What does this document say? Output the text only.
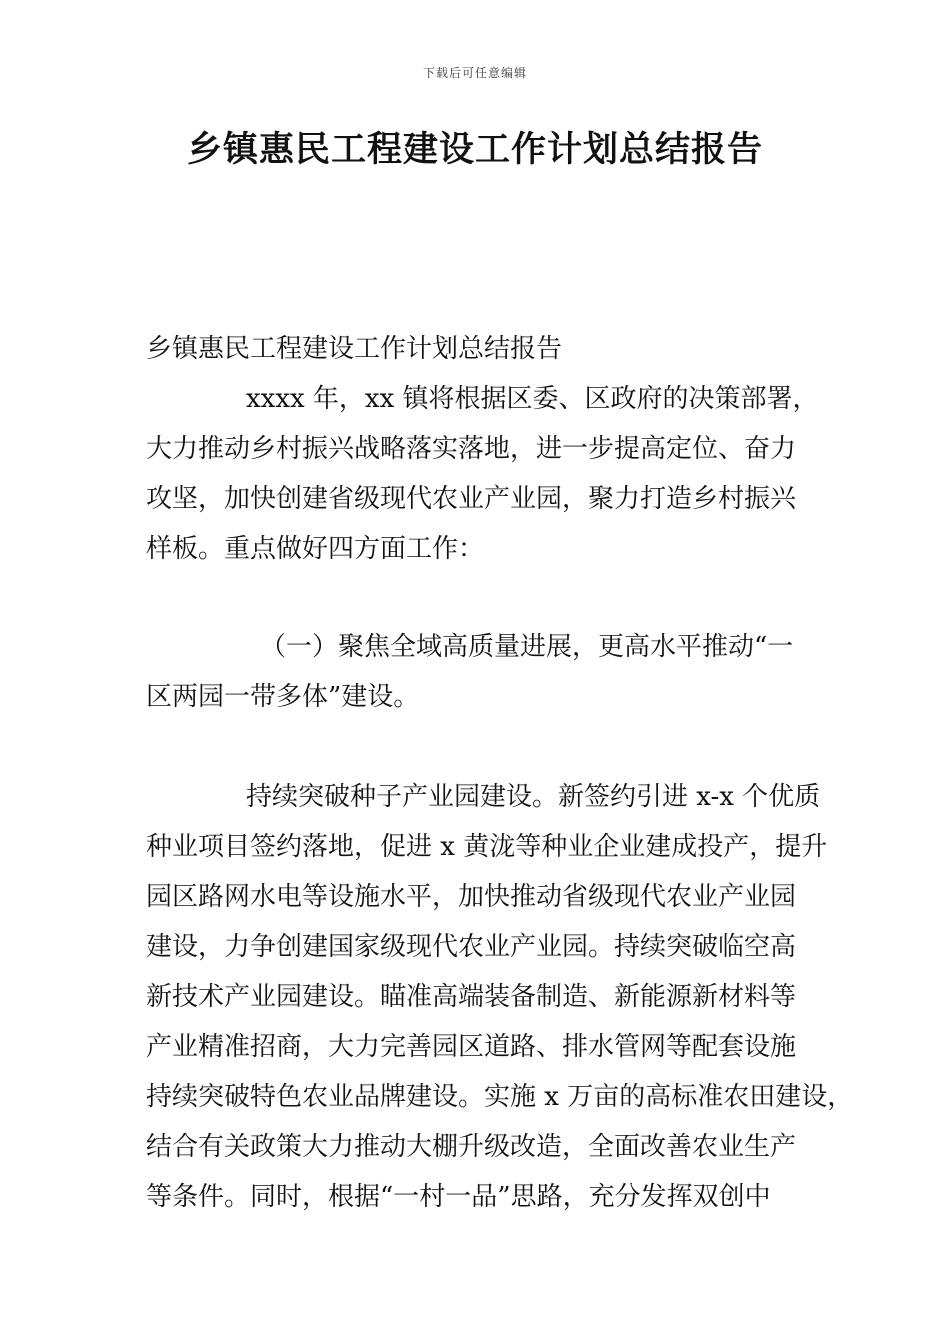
下载后可任意编辑
乡镇惠民工程建设工作计划总结报告
乡镇惠民工程建设工作计划总结报告
xxxx 年，xx 镇将根据区委、区政府的决策部署，
大力推动乡村振兴战略落实落地，进一步提高定位、奋力
攻坚，加快创建省级现代农业产业园，聚力打造乡村振兴
样板。重点做好四方面工作：
（一）聚焦全域高质量进展，更高水平推动“一
区两园一带多体”建设。
持续突破种子产业园建设。新签约引进 x-x 个优质
种业项目签约落地，促进 x 黄泷等种业企业建成投产，提升
园区路网水电等设施水平，加快推动省级现代农业产业园
建设，力争创建国家级现代农业产业园。持续突破临空高
新技术产业园建设。瞄准高端装备制造、新能源新材料等
产业精准招商，大力完善园区道路、排水管网等配套设施
持续突破特色农业品牌建设。实施 x 万亩的高标准农田建设，
结合有关政策大力推动大棚升级改造，全面改善农业生产
等条件。同时，根据“一村一品”思路，充分发挥双创中
